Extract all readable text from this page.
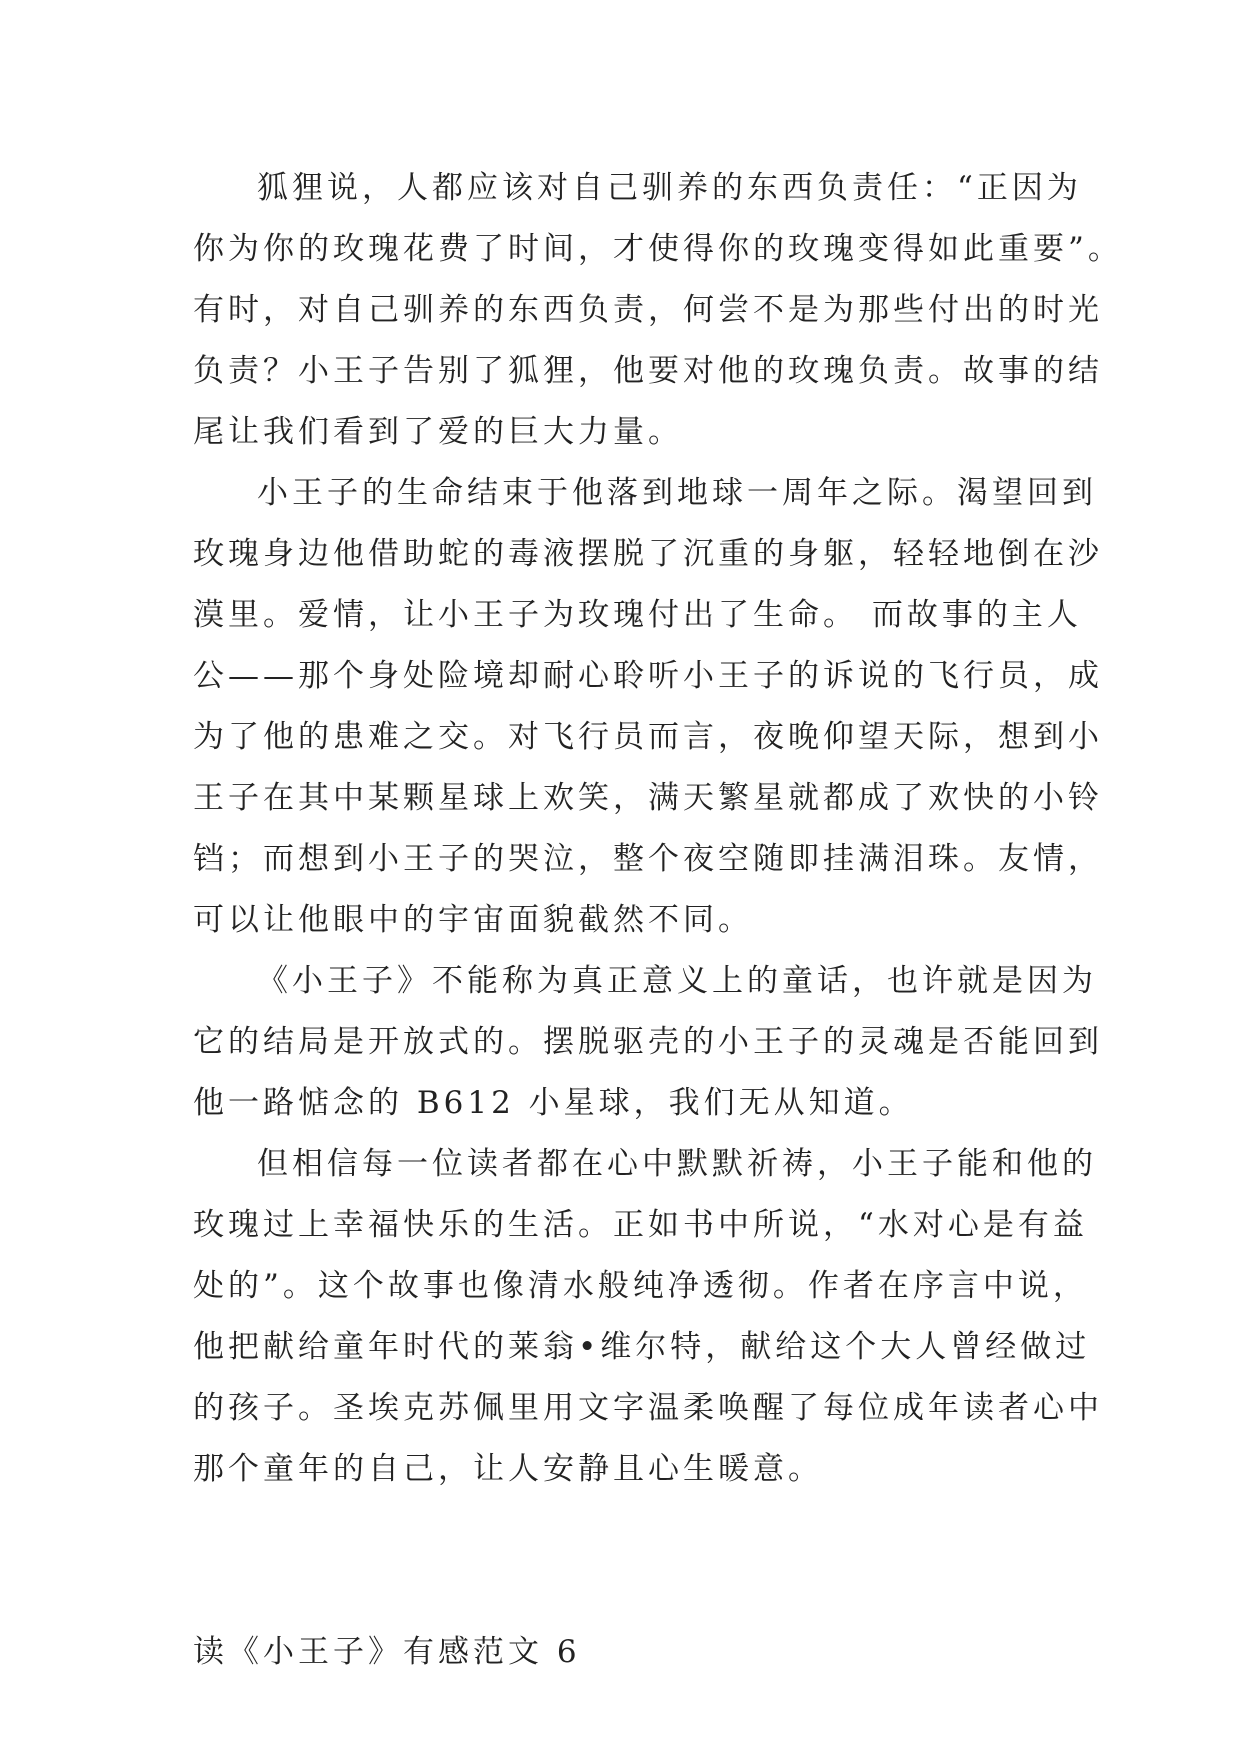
狐狸说，人都应该对自己驯养的东西负责任：“正因为
你为你的玫瑰花费了时间，才使得你的玫瑰变得如此重要”。
有时，对自己驯养的东西负责，何尝不是为那些付出的时光
负责？小王子告别了狐狸，他要对他的玫瑰负责。故事的结
尾让我们看到了爱的巨大力量。
小王子的生命结束于他落到地球一周年之际。渴望回到
玫瑰身边他借助蛇的毒液摆脱了沉重的身躯，轻轻地倒在沙
漠里。爱情，让小王子为玫瑰付出了生命。 而故事的主人
公——那个身处险境却耐心聆听小王子的诉说的飞行员，成
为了他的患难之交。对飞行员而言，夜晚仰望天际，想到小
王子在其中某颗星球上欢笑，满天繁星就都成了欢快的小铃
铛；而想到小王子的哭泣，整个夜空随即挂满泪珠。友情，
可以让他眼中的宇宙面貌截然不同。
《小王子》不能称为真正意义上的童话，也许就是因为
它的结局是开放式的。摆脱驱壳的小王子的灵魂是否能回到
他一路惦念的 B612 小星球，我们无从知道。
但相信每一位读者都在心中默默祈祷，小王子能和他的
玫瑰过上幸福快乐的生活。正如书中所说，“水对心是有益
处的”。这个故事也像清水般纯净透彻。作者在序言中说，
他把献给童年时代的莱翁•维尔特，献给这个大人曾经做过
的孩子。圣埃克苏佩里用文字温柔唤醒了每位成年读者心中
那个童年的自己，让人安静且心生暖意。
读《小王子》有感范文 6
